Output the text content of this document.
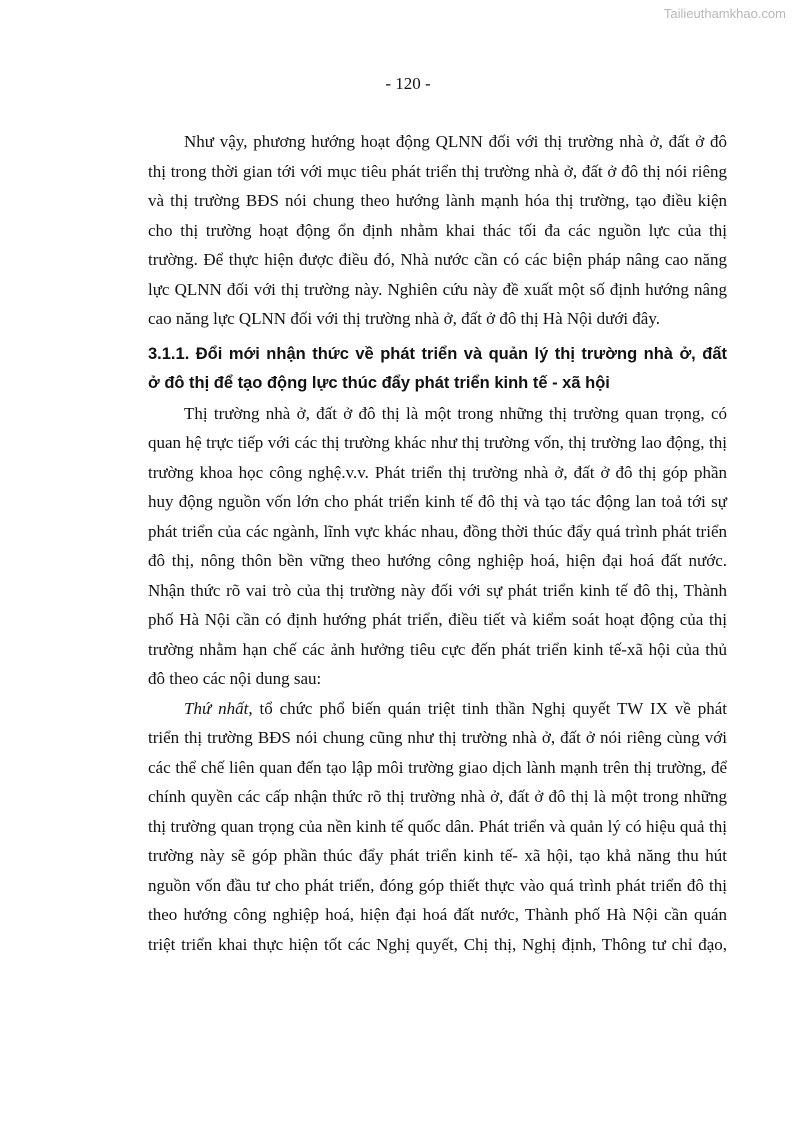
Tailieuthamkhao.com
- 120 -
Như vậy, phương hướng hoạt động QLNN đối với thị trường nhà ở, đất ở đô
thị trong thời gian tới với mục tiêu phát triển thị trường nhà ở, đất ở đô thị nói riêng
và thị trường BĐS nói chung theo hướng lành mạnh hóa thị trường, tạo điều kiện
cho thị trường hoạt động ổn định nhằm khai thác tối đa các nguồn lực của thị
trường. Để thực hiện được điều đó, Nhà nước cần có các biện pháp nâng cao năng
lực QLNN đối với thị trường này. Nghiên cứu này đề xuất một số định hướng nâng
cao năng lực QLNN đối với thị trường nhà ở, đất ở đô thị Hà Nội dưới đây.
3.1.1. Đổi mới nhận thức về phát triển và quản lý thị trường nhà ở, đất
ở đô thị để tạo động lực thúc đẩy phát triển kinh tế - xã hội
Thị trường nhà ở, đất ở đô thị là một trong những thị trường quan trọng, có
quan hệ trực tiếp với các thị trường khác như thị trường vốn, thị trường lao động, thị
trường khoa học công nghệ.v.v. Phát triển thị trường nhà ở, đất ở đô thị góp phần
huy động nguồn vốn lớn cho phát triển kinh tế đô thị và tạo tác động lan toả tới sự
phát triển của các ngành, lĩnh vực khác nhau, đồng thời thúc đẩy quá trình phát triển
đô thị, nông thôn bền vững theo hướng công nghiệp hoá, hiện đại hoá đất nước.
Nhận thức rõ vai trò của thị trường này đối với sự phát triển kinh tế đô thị, Thành
phố Hà Nội cần có định hướng phát triển, điều tiết và kiểm soát hoạt động của thị
trường nhằm hạn chế các ảnh hưởng tiêu cực đến phát triển kinh tế-xã hội của thủ
đô theo các nội dung sau:
Thứ nhất, tổ chức phổ biến quán triệt tinh thần Nghị quyết TW IX về phát
triển thị trường BĐS nói chung cũng như thị trường nhà ở, đất ở nói riêng cùng với
các thể chế liên quan đến tạo lập môi trường giao dịch lành mạnh trên thị trường, để
chính quyền các cấp nhận thức rõ thị trường nhà ở, đất ở đô thị là một trong những
thị trường quan trọng của nền kinh tế quốc dân. Phát triển và quản lý có hiệu quả thị
trường này sẽ góp phần thúc đẩy phát triển kinh tế- xã hội, tạo khả năng thu hút
nguồn vốn đầu tư cho phát triển, đóng góp thiết thực vào quá trình phát triển đô thị
theo hướng công nghiệp hoá, hiện đại hoá đất nước, Thành phố Hà Nội cần quán
triệt triển khai thực hiện tốt các Nghị quyết, Chị thị, Nghị định, Thông tư chỉ đạo,
